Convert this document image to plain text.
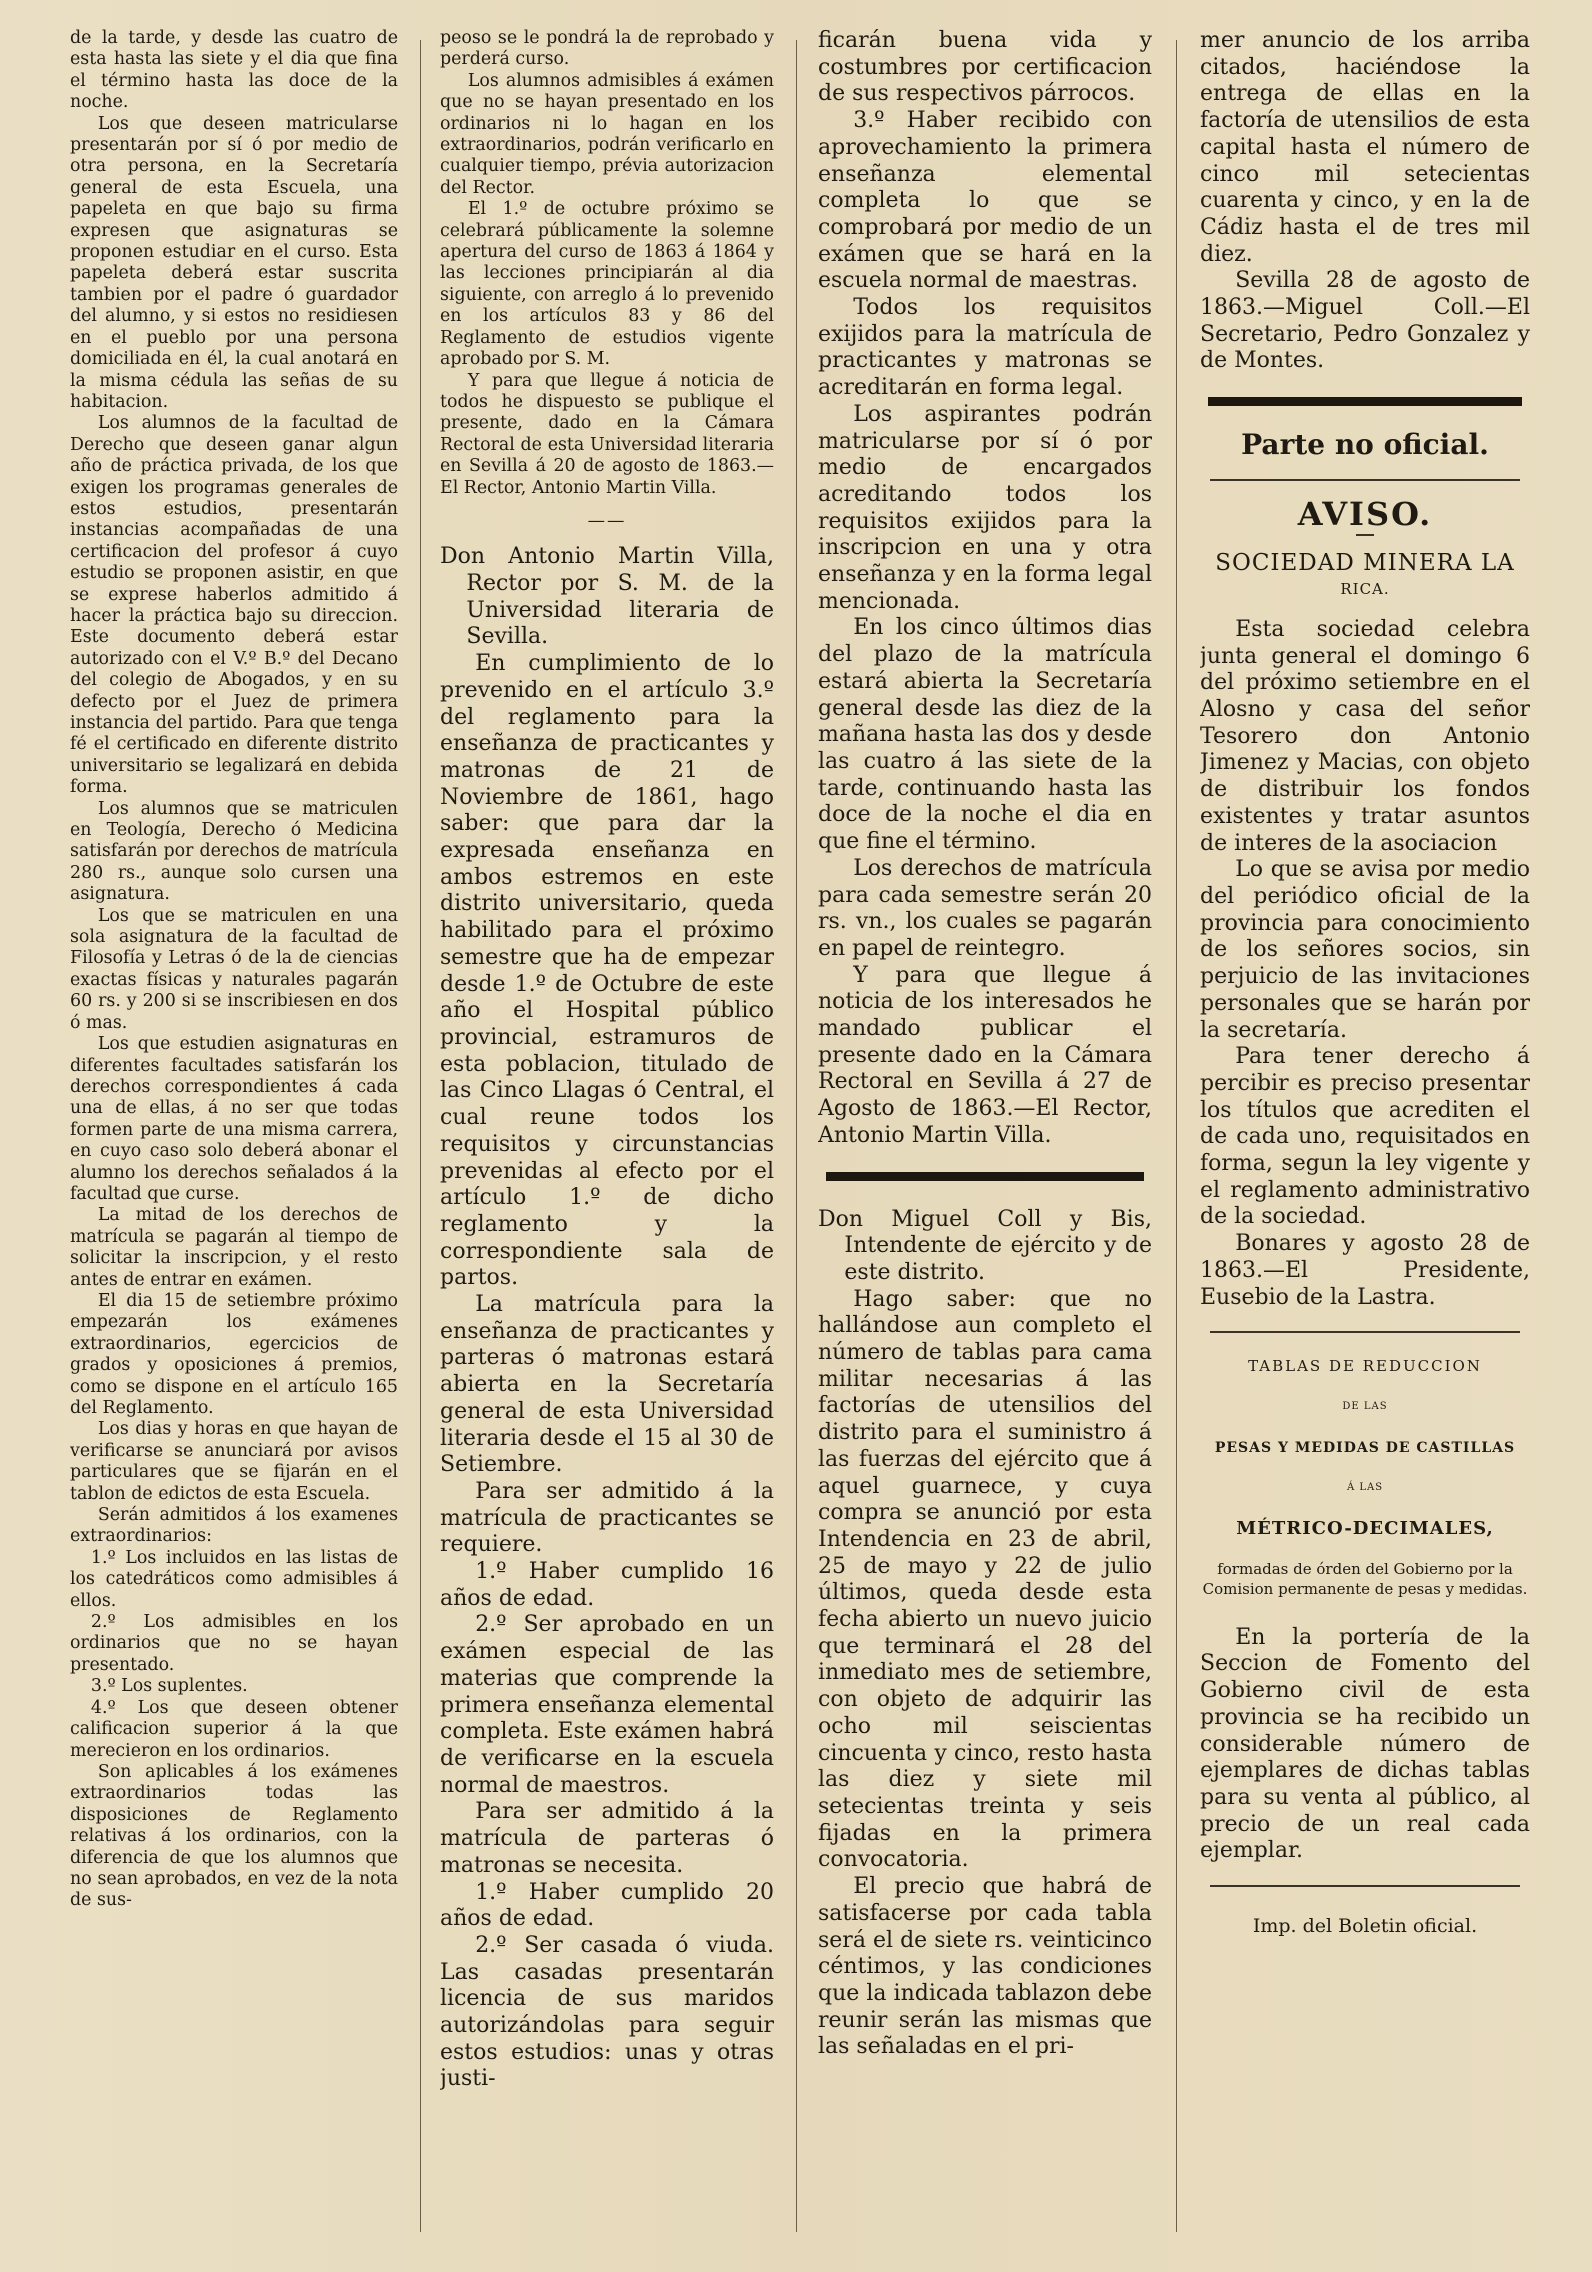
de la tarde, y desde las cuatro de esta hasta las siete y el dia que fina el término hasta las doce de la noche.

Los que deseen matricularse presentarán por sí ó por medio de otra persona, en la Secretaría general de esta Escuela, una papeleta en que bajo su firma expresen que asignaturas se proponen estudiar en el curso. Esta papeleta deberá estar suscrita tambien por el padre ó guardador del alumno, y si estos no residiesen en el pueblo por una persona domiciliada en él, la cual anotará en la misma cédula las señas de su habitacion.

Los alumnos de la facultad de Derecho que deseen ganar algun año de práctica privada, de los que exigen los programas generales de estos estudios, presentarán instancias acompañadas de una certificacion del profesor á cuyo estudio se proponen asistir, en que se exprese haberlos admitido á hacer la práctica bajo su direccion. Este documento deberá estar autorizado con el V.º B.º del Decano del colegio de Abogados, y en su defecto por el Juez de primera instancia del partido. Para que tenga fé el certificado en diferente distrito universitario se legalizará en debida forma.

Los alumnos que se matriculen en Teología, Derecho ó Medicina satisfarán por derechos de matrícula 280 rs., aunque solo cursen una asignatura.

Los que se matriculen en una sola asignatura de la facultad de Filosofía y Letras ó de la de ciencias exactas físicas y naturales pagarán 60 rs. y 200 si se inscribiesen en dos ó mas.

Los que estudien asignaturas en diferentes facultades satisfarán los derechos correspondientes á cada una de ellas, á no ser que todas formen parte de una misma carrera, en cuyo caso solo deberá abonar el alumno los derechos señalados á la facultad que curse.

La mitad de los derechos de matrícula se pagarán al tiempo de solicitar la inscripcion, y el resto antes de entrar en exámen.

El dia 15 de setiembre próximo empezarán los exámenes extraordinarios, egercicios de grados y oposiciones á premios, como se dispone en el artículo 165 del Reglamento.

Los dias y horas en que hayan de verificarse se anunciará por avisos particulares que se fijarán en el tablon de edictos de esta Escuela.

Serán admitidos á los examenes extraordinarios:

1.º Los incluidos en las listas de los catedráticos como admisibles á ellos.

2.º Los admisibles en los ordinarios que no se hayan presentado.

3.º Los suplentes.

4.º Los que deseen obtener calificacion superior á la que merecieron en los ordinarios.

Son aplicables á los exámenes extraordinarios todas las disposiciones de Reglamento relativas á los ordinarios, con la diferencia de que los alumnos que no sean aprobados, en vez de la nota de sus-

peoso se le pondrá la de reprobado y perderá curso.

Los alumnos admisibles á exámen que no se hayan presentado en los ordinarios ni lo hagan en los extraordinarios, podrán verificarlo en cualquier tiempo, prévia autorizacion del Rector.

El 1.º de octubre próximo se celebrará públicamente la solemne apertura del curso de 1863 á 1864 y las lecciones principiarán al dia siguiente, con arreglo á lo prevenido en los artículos 83 y 86 del Reglamento de estudios vigente aprobado por S. M.

Y para que llegue á noticia de todos he dispuesto se publique el presente, dado en la Cámara Rectoral de esta Universidad literaria en Sevilla á 20 de agosto de 1863.—El Rector, Antonio Martin Villa.

——

Don Antonio Martin Villa, Rector por S. M. de la Universidad literaria de Sevilla.

En cumplimiento de lo prevenido en el artículo 3.º del reglamento para la enseñanza de practicantes y matronas de 21 de Noviembre de 1861, hago saber: que para dar la expresada enseñanza en ambos estremos en este distrito universitario, queda habilitado para el próximo semestre que ha de empezar desde 1.º de Octubre de este año el Hospital público provincial, estramuros de esta poblacion, titulado de las Cinco Llagas ó Central, el cual reune todos los requisitos y circunstancias prevenidas al efecto por el artículo 1.º de dicho reglamento y la correspondiente sala de partos.

La matrícula para la enseñanza de practicantes y parteras ó matronas estará abierta en la Secretaría general de esta Universidad literaria desde el 15 al 30 de Setiembre.

Para ser admitido á la matrícula de practicantes se requiere.

1.º Haber cumplido 16 años de edad.

2.º Ser aprobado en un exámen especial de las materias que comprende la primera enseñanza elemental completa. Este exámen habrá de verificarse en la escuela normal de maestros.

Para ser admitido á la matrícula de parteras ó matronas se necesita.

1.º Haber cumplido 20 años de edad.

2.º Ser casada ó viuda. Las casadas presentarán licencia de sus maridos autorizándolas para seguir estos estudios: unas y otras justi-

ficarán buena vida y costumbres por certificacion de sus respectivos párrocos.

3.º Haber recibido con aprovechamiento la primera enseñanza elemental completa lo que se comprobará por medio de un exámen que se hará en la escuela normal de maestras.

Todos los requisitos exijidos para la matrícula de practicantes y matronas se acreditarán en forma legal.

Los aspirantes podrán matricularse por sí ó por medio de encargados acreditando todos los requisitos exijidos para la inscripcion en una y otra enseñanza y en la forma legal mencionada.

En los cinco últimos dias del plazo de la matrícula estará abierta la Secretaría general desde las diez de la mañana hasta las dos y desde las cuatro á las siete de la tarde, continuando hasta las doce de la noche el dia en que fine el término.

Los derechos de matrícula para cada semestre serán 20 rs. vn., los cuales se pagarán en papel de reintegro.

Y para que llegue á noticia de los interesados he mandado publicar el presente dado en la Cámara Rectoral en Sevilla á 27 de Agosto de 1863.—El Rector, Antonio Martin Villa.

Don Miguel Coll y Bis, Intendente de ejército y de este distrito.

Hago saber: que no hallándose aun completo el número de tablas para cama militar necesarias á las factorías de utensilios del distrito para el suministro á las fuerzas del ejército que á aquel guarnece, y cuya compra se anunció por esta Intendencia en 23 de abril, 25 de mayo y 22 de julio últimos, queda desde esta fecha abierto un nuevo juicio que terminará el 28 del inmediato mes de setiembre, con objeto de adquirir las ocho mil seiscientas cincuenta y cinco, resto hasta las diez y siete mil setecientas treinta y seis fijadas en la primera convocatoria.

El precio que habrá de satisfacerse por cada tabla será el de siete rs. veinticinco céntimos, y las condiciones que la indicada tablazon debe reunir serán las mismas que las señaladas en el pri-

mer anuncio de los arriba citados, haciéndose la entrega de ellas en la factoría de utensilios de esta capital hasta el número de cinco mil setecientas cuarenta y cinco, y en la de Cádiz hasta el de tres mil diez.

Sevilla 28 de agosto de 1863.—Miguel Coll.—El Secretario, Pedro Gonzalez y de Montes.

Parte no oficial.
AVISO.
SOCIEDAD MINERA LA
RICA.

Esta sociedad celebra junta general el domingo 6 del próximo setiembre en el Alosno y casa del señor Tesorero don Antonio Jimenez y Macias, con objeto de distribuir los fondos existentes y tratar asuntos de interes de la asociacion

Lo que se avisa por medio del periódico oficial de la provincia para conocimiento de los señores socios, sin perjuicio de las invitaciones personales que se harán por la secretaría.

Para tener derecho á percibir es preciso presentar los títulos que acrediten el de cada uno, requisitados en forma, segun la ley vigente y el reglamento administrativo de la sociedad.

Bonares y agosto 28 de 1863.—El Presidente, Eusebio de la Lastra.

TABLAS DE REDUCCION
DE LAS
PESAS Y MEDIDAS DE CASTILLAS
Á LAS
MÉTRICO-DECIMALES,
formadas de órden del Gobierno por la Comision permanente de pesas y medidas.

En la portería de la Seccion de Fomento del Gobierno civil de esta provincia se ha recibido un considerable número de ejemplares de dichas tablas para su venta al público, al precio de un real cada ejemplar.

Imp. del Boletin oficial.
